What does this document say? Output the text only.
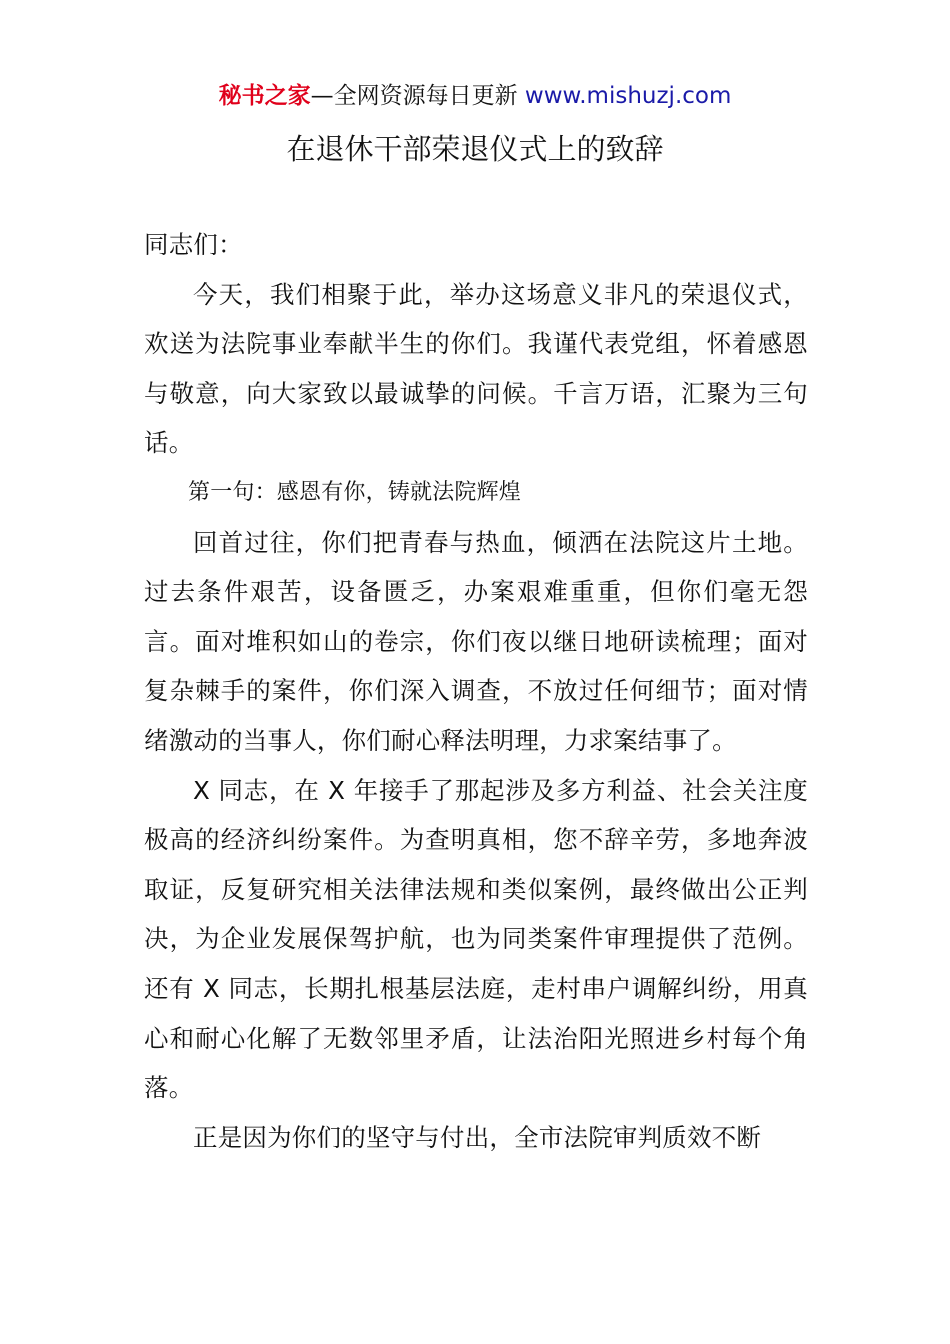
秘书之家—全网资源每日更新 www.mishuzj.com
在退休干部荣退仪式上的致辞

同志们：

今天，我们相聚于此，举办这场意义非凡的荣退仪式，欢送为法院事业奉献半生的你们。我谨代表党组，怀着感恩与敬意，向大家致以最诚挚的问候。千言万语，汇聚为三句话。

第一句：感恩有你，铸就法院辉煌

回首过往，你们把青春与热血，倾洒在法院这片土地。过去条件艰苦，设备匮乏，办案艰难重重，但你们毫无怨言。面对堆积如山的卷宗，你们夜以继日地研读梳理；面对复杂棘手的案件，你们深入调查，不放过任何细节；面对情绪激动的当事人，你们耐心释法明理，力求案结事了。

X 同志，在 X 年接手了那起涉及多方利益、社会关注度极高的经济纠纷案件。为查明真相，您不辞辛劳，多地奔波取证，反复研究相关法律法规和类似案例，最终做出公正判决，为企业发展保驾护航，也为同类案件审理提供了范例。还有 X 同志，长期扎根基层法庭，走村串户调解纠纷，用真心和耐心化解了无数邻里矛盾，让法治阳光照进乡村每个角落。

正是因为你们的坚守与付出，全市法院审判质效不断
